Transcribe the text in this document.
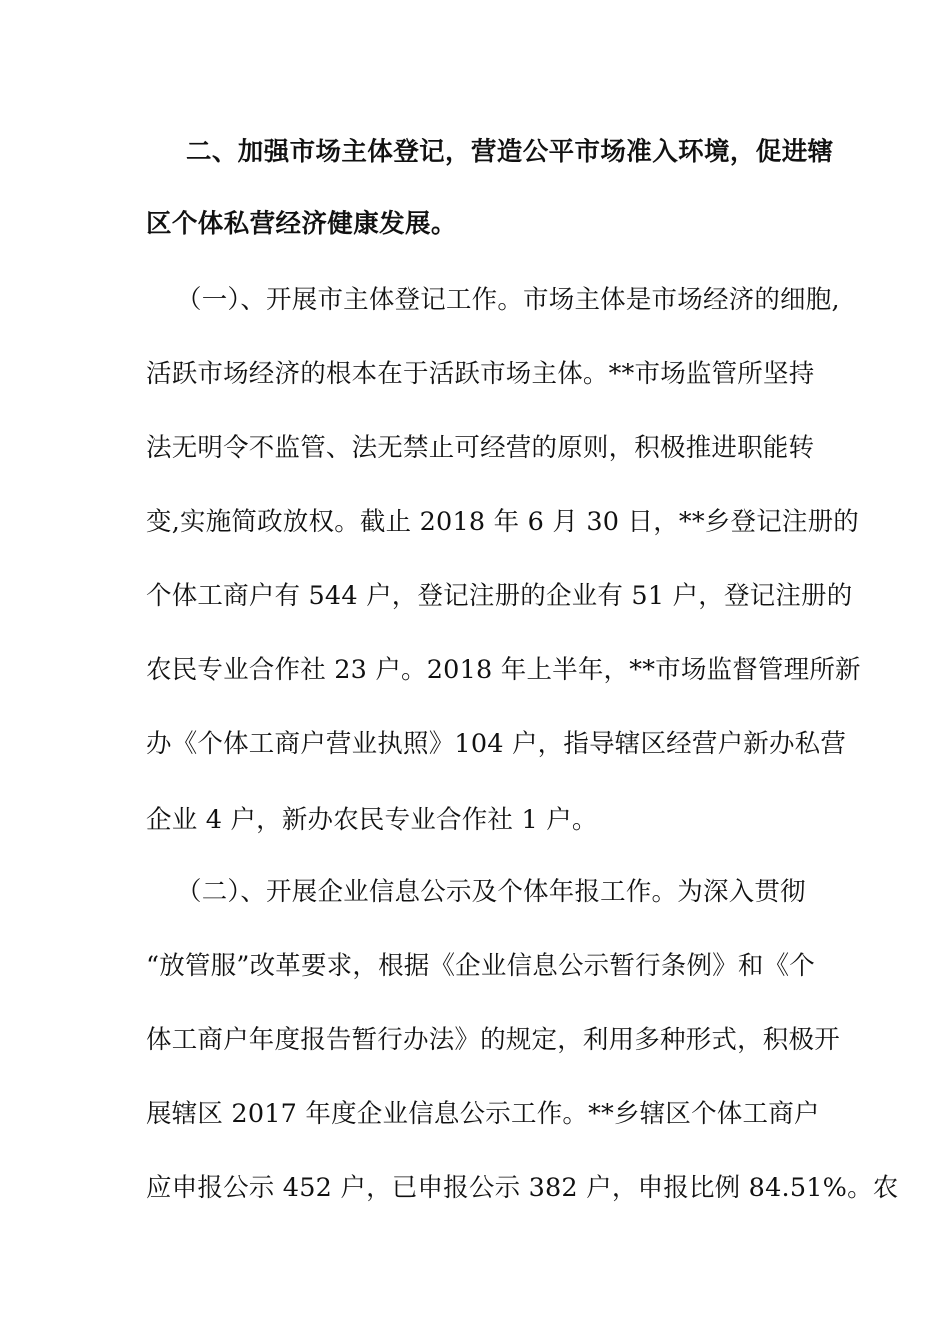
二、加强市场主体登记，营造公平市场准入环境，促进辖
区个体私营经济健康发展。
（一）、开展市主体登记工作。市场主体是市场经济的细胞,
活跃市场经济的根本在于活跃市场主体。**市场监管所坚持
法无明令不监管、法无禁止可经营的原则，积极推进职能转
变,实施简政放权。截止 2018 年 6 月 30 日，**乡登记注册的
个体工商户有 544 户，登记注册的企业有 51 户，登记注册的
农民专业合作社 23 户。2018 年上半年，**市场监督管理所新
办《个体工商户营业执照》104 户，指导辖区经营户新办私营
企业 4 户，新办农民专业合作社 1 户。
（二）、开展企业信息公示及个体年报工作。为深入贯彻
“放管服”改革要求，根据《企业信息公示暂行条例》和《个
体工商户年度报告暂行办法》的规定，利用多种形式，积极开
展辖区 2017 年度企业信息公示工作。**乡辖区个体工商户
应申报公示 452 户，已申报公示 382 户，申报比例 84.51%。农
